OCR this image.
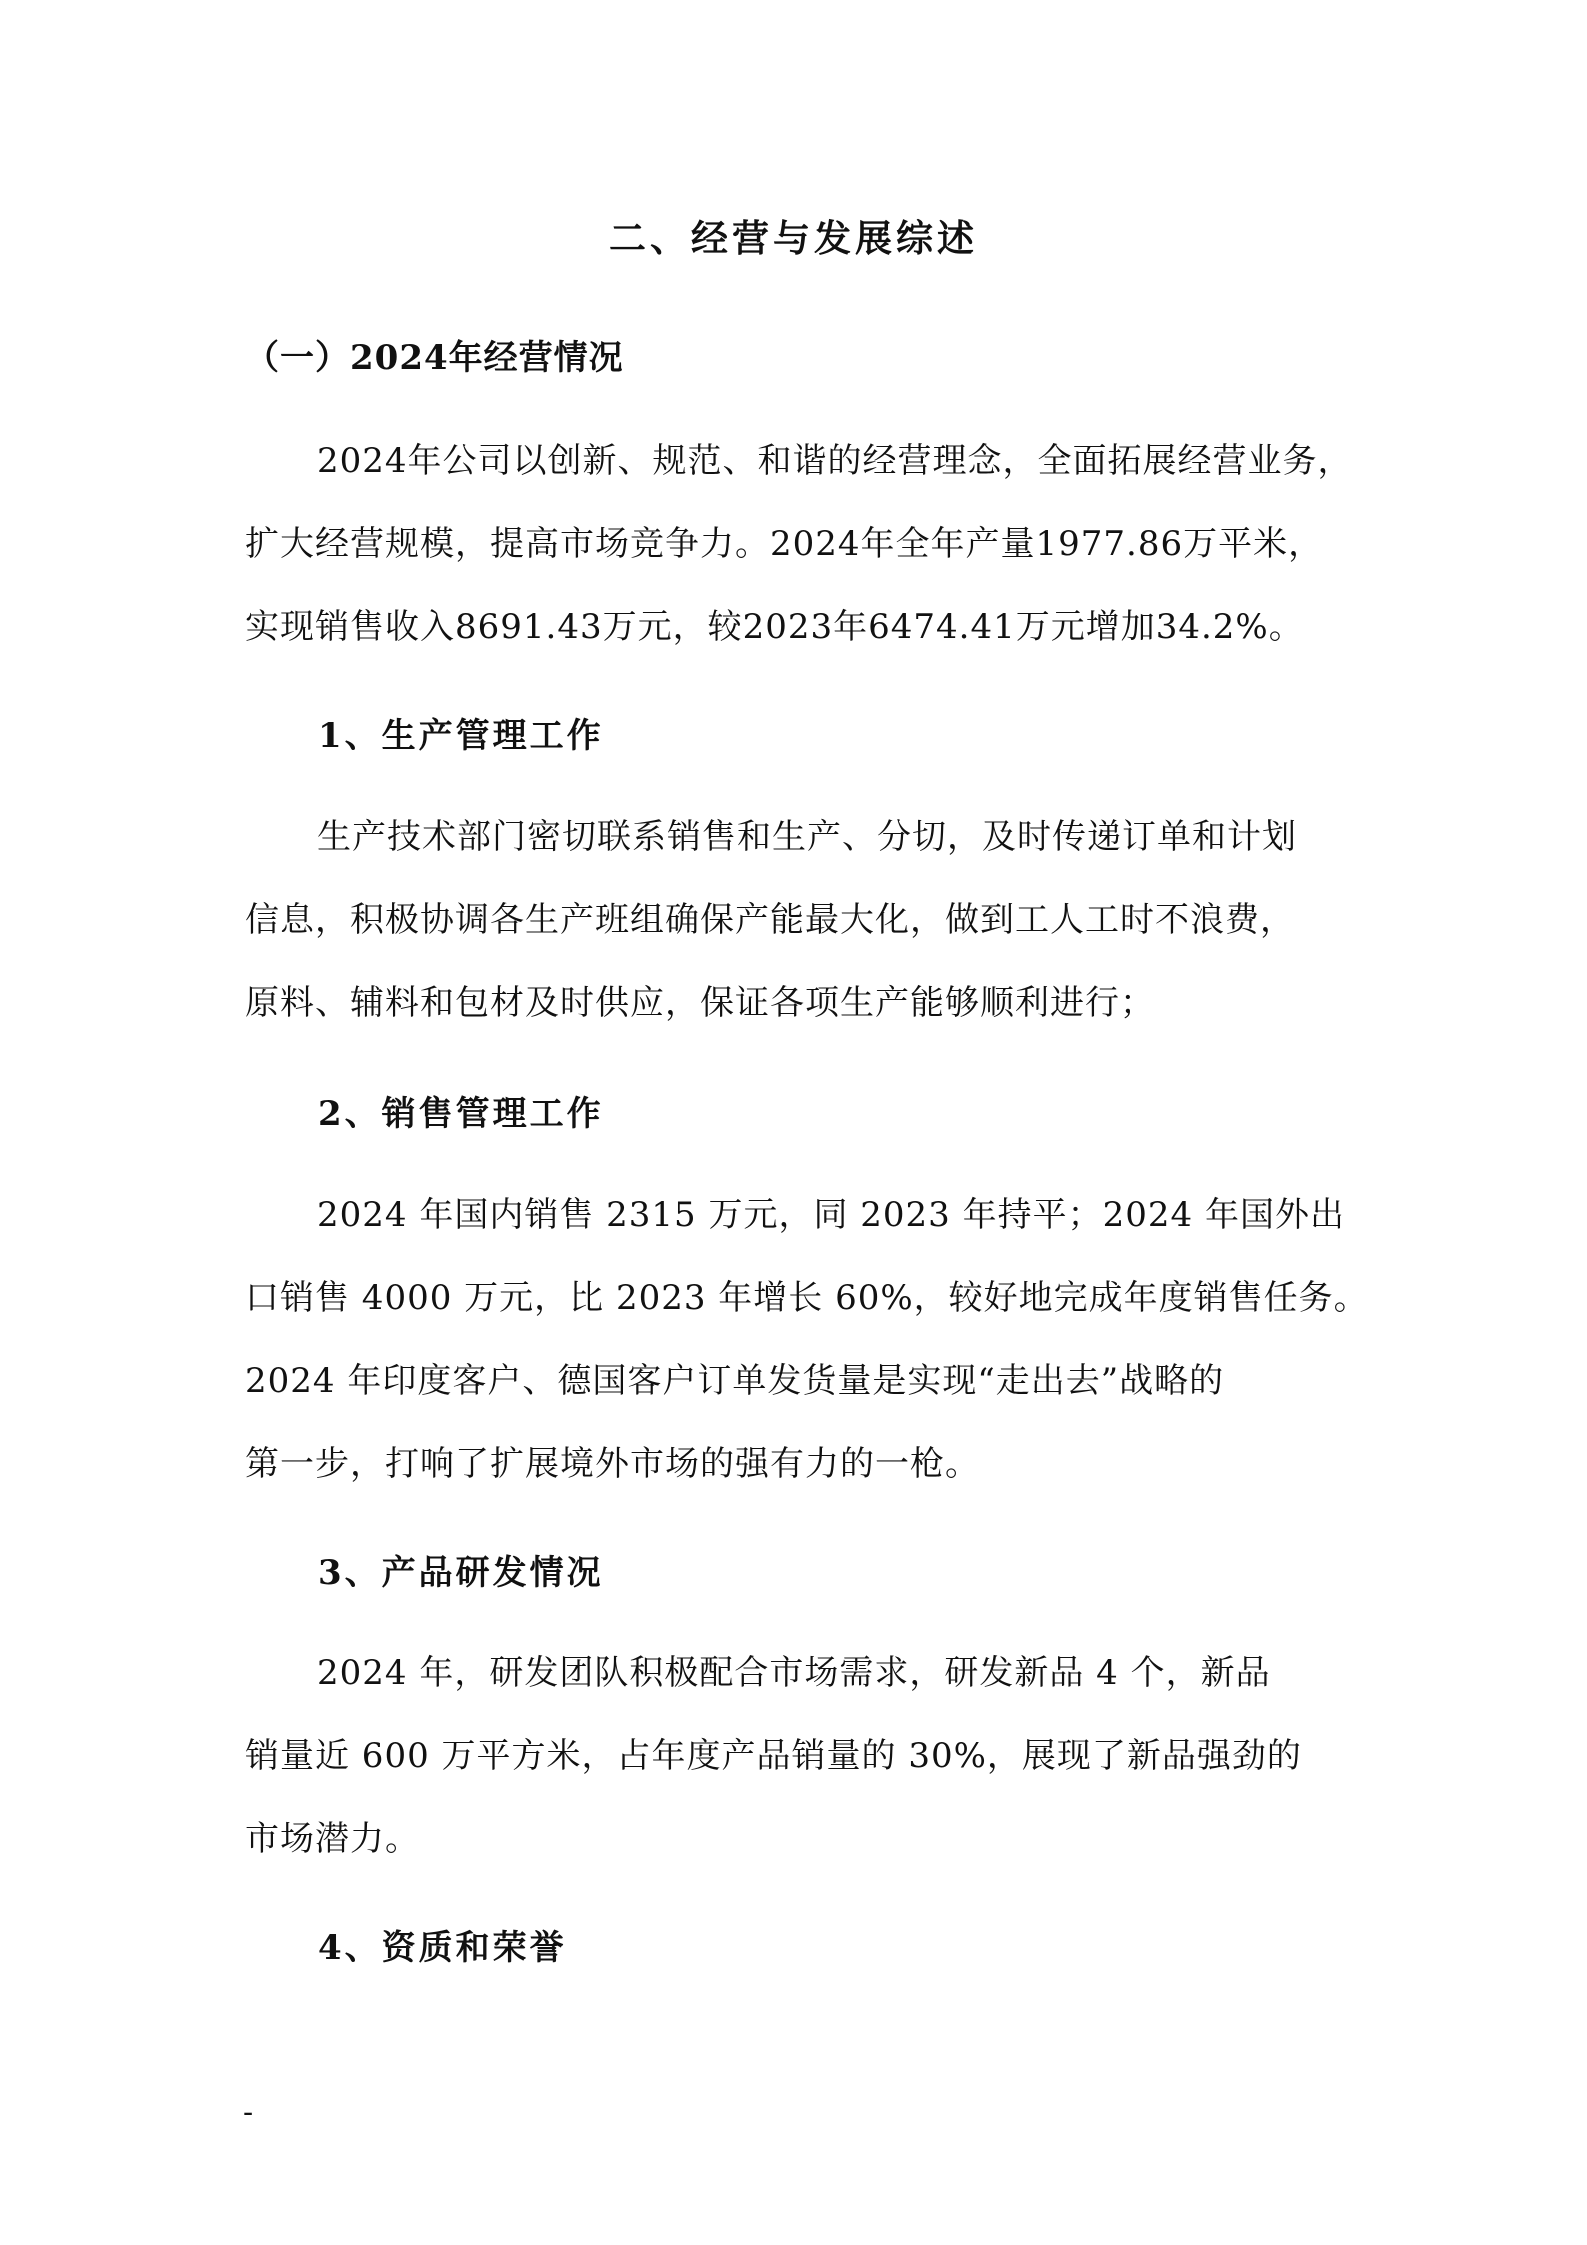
二、经营与发展综述
（一）2024年经营情况
2024年公司以创新、规范、和谐的经营理念，全面拓展经营业务，
扩大经营规模，提高市场竞争力。2024年全年产量1977.86万平米，
实现销售收入8691.43万元，较2023年6474.41万元增加34.2%。
1、生产管理工作
生产技术部门密切联系销售和生产、分切，及时传递订单和计划
信息，积极协调各生产班组确保产能最大化，做到工人工时不浪费，
原料、辅料和包材及时供应，保证各项生产能够顺利进行；
2、销售管理工作
2024 年国内销售 2315 万元，同 2023 年持平；2024 年国外出
口销售 4000 万元，比 2023 年增长 60%，较好地完成年度销售任务。
2024 年印度客户、德国客户订单发货量是实现“走出去”战略的
第一步，打响了扩展境外市场的强有力的一枪。
3、产品研发情况
2024 年，研发团队积极配合市场需求，研发新品 4 个，新品
销量近 600 万平方米，占年度产品销量的 30%，展现了新品强劲的
市场潜力。
4、资质和荣誉
-
